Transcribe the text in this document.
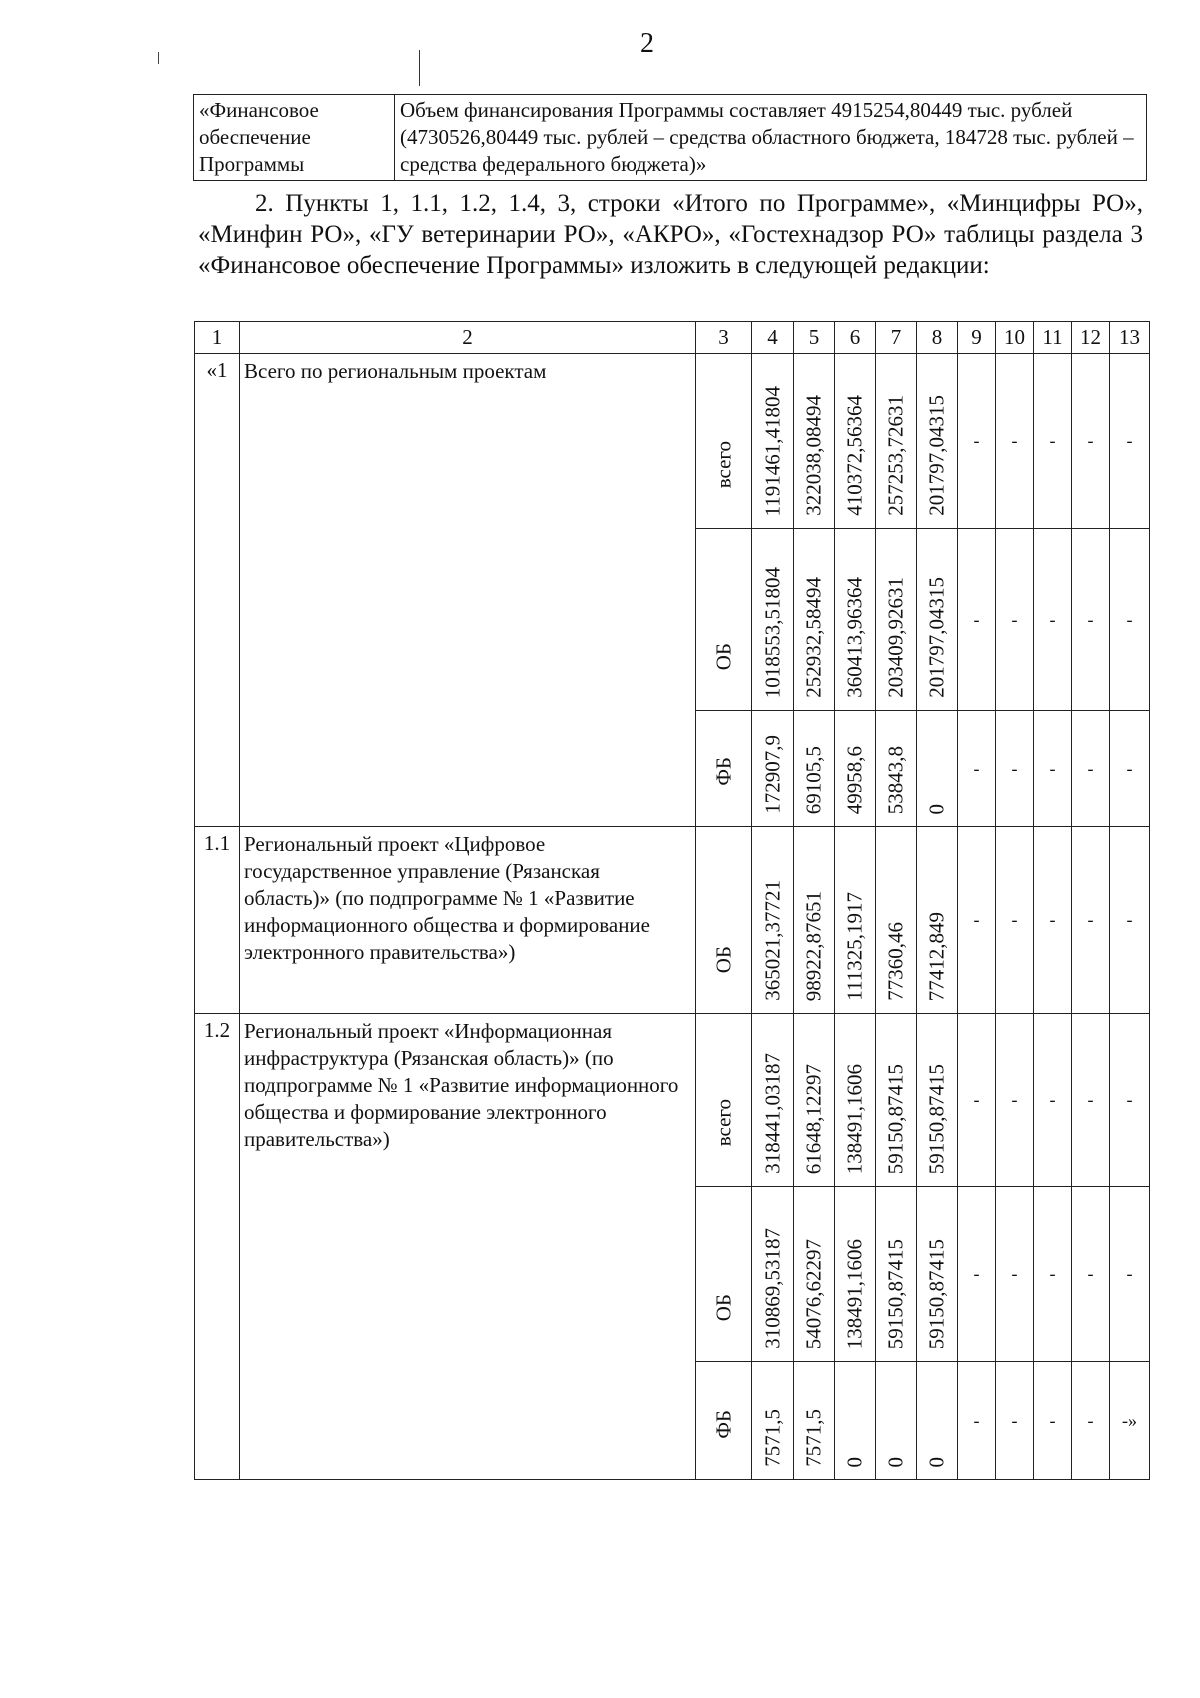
2
«Финансовое обеспечение Программы	Объем финансирования Программы составляет 4915254,80449 тыс. рублей (4730526,80449 тыс. рублей – средства областного бюджета, 184728 тыс. рублей – средства федерального бюджета)»
2. Пункты 1, 1.1, 1.2, 1.4, 3, строки «Итого по Программе», «Минцифры РО», «Минфин РО», «ГУ ветеринарии РО», «АКРО», «Гостехнадзор РО» таблицы раздела 3 «Финансовое обеспечение Программы» изложить в следующей редакции:
1	2	3	4	5	6	7	8	9	10	11	12	13
«1	Всего по региональным проектам	всего	1191461,41804	322038,08494	410372,56364	257253,72631	201797,04315	-	-	-	-	-

		ОБ	1018553,51804	252932,58494	360413,96364	203409,92631	201797,04315	-	-	-	-	-

		ФБ	172907,9	69105,5	49958,6	53843,8	0	-	-	-	-	-

1.1	Региональный проект «Цифровое государственное управление (Рязанская область)» (по подпрограмме № 1 «Развитие информационного общества и формирование электронного правительства»)	ОБ	365021,37721	98922,87651	111325,1917	77360,46	77412,849	-	-	-	-	-

1.2	Региональный проект «Информационная инфраструктура (Рязанская область)» (по подпрограмме № 1 «Развитие информационного общества и формирование электронного правительства»)	всего	318441,03187	61648,12297	138491,1606	59150,87415	59150,87415	-	-	-	-	-

		ОБ	310869,53187	54076,62297	138491,1606	59150,87415	59150,87415	-	-	-	-	-

		ФБ	7571,5	7571,5	0	0	0	-	-	-	-	-»
